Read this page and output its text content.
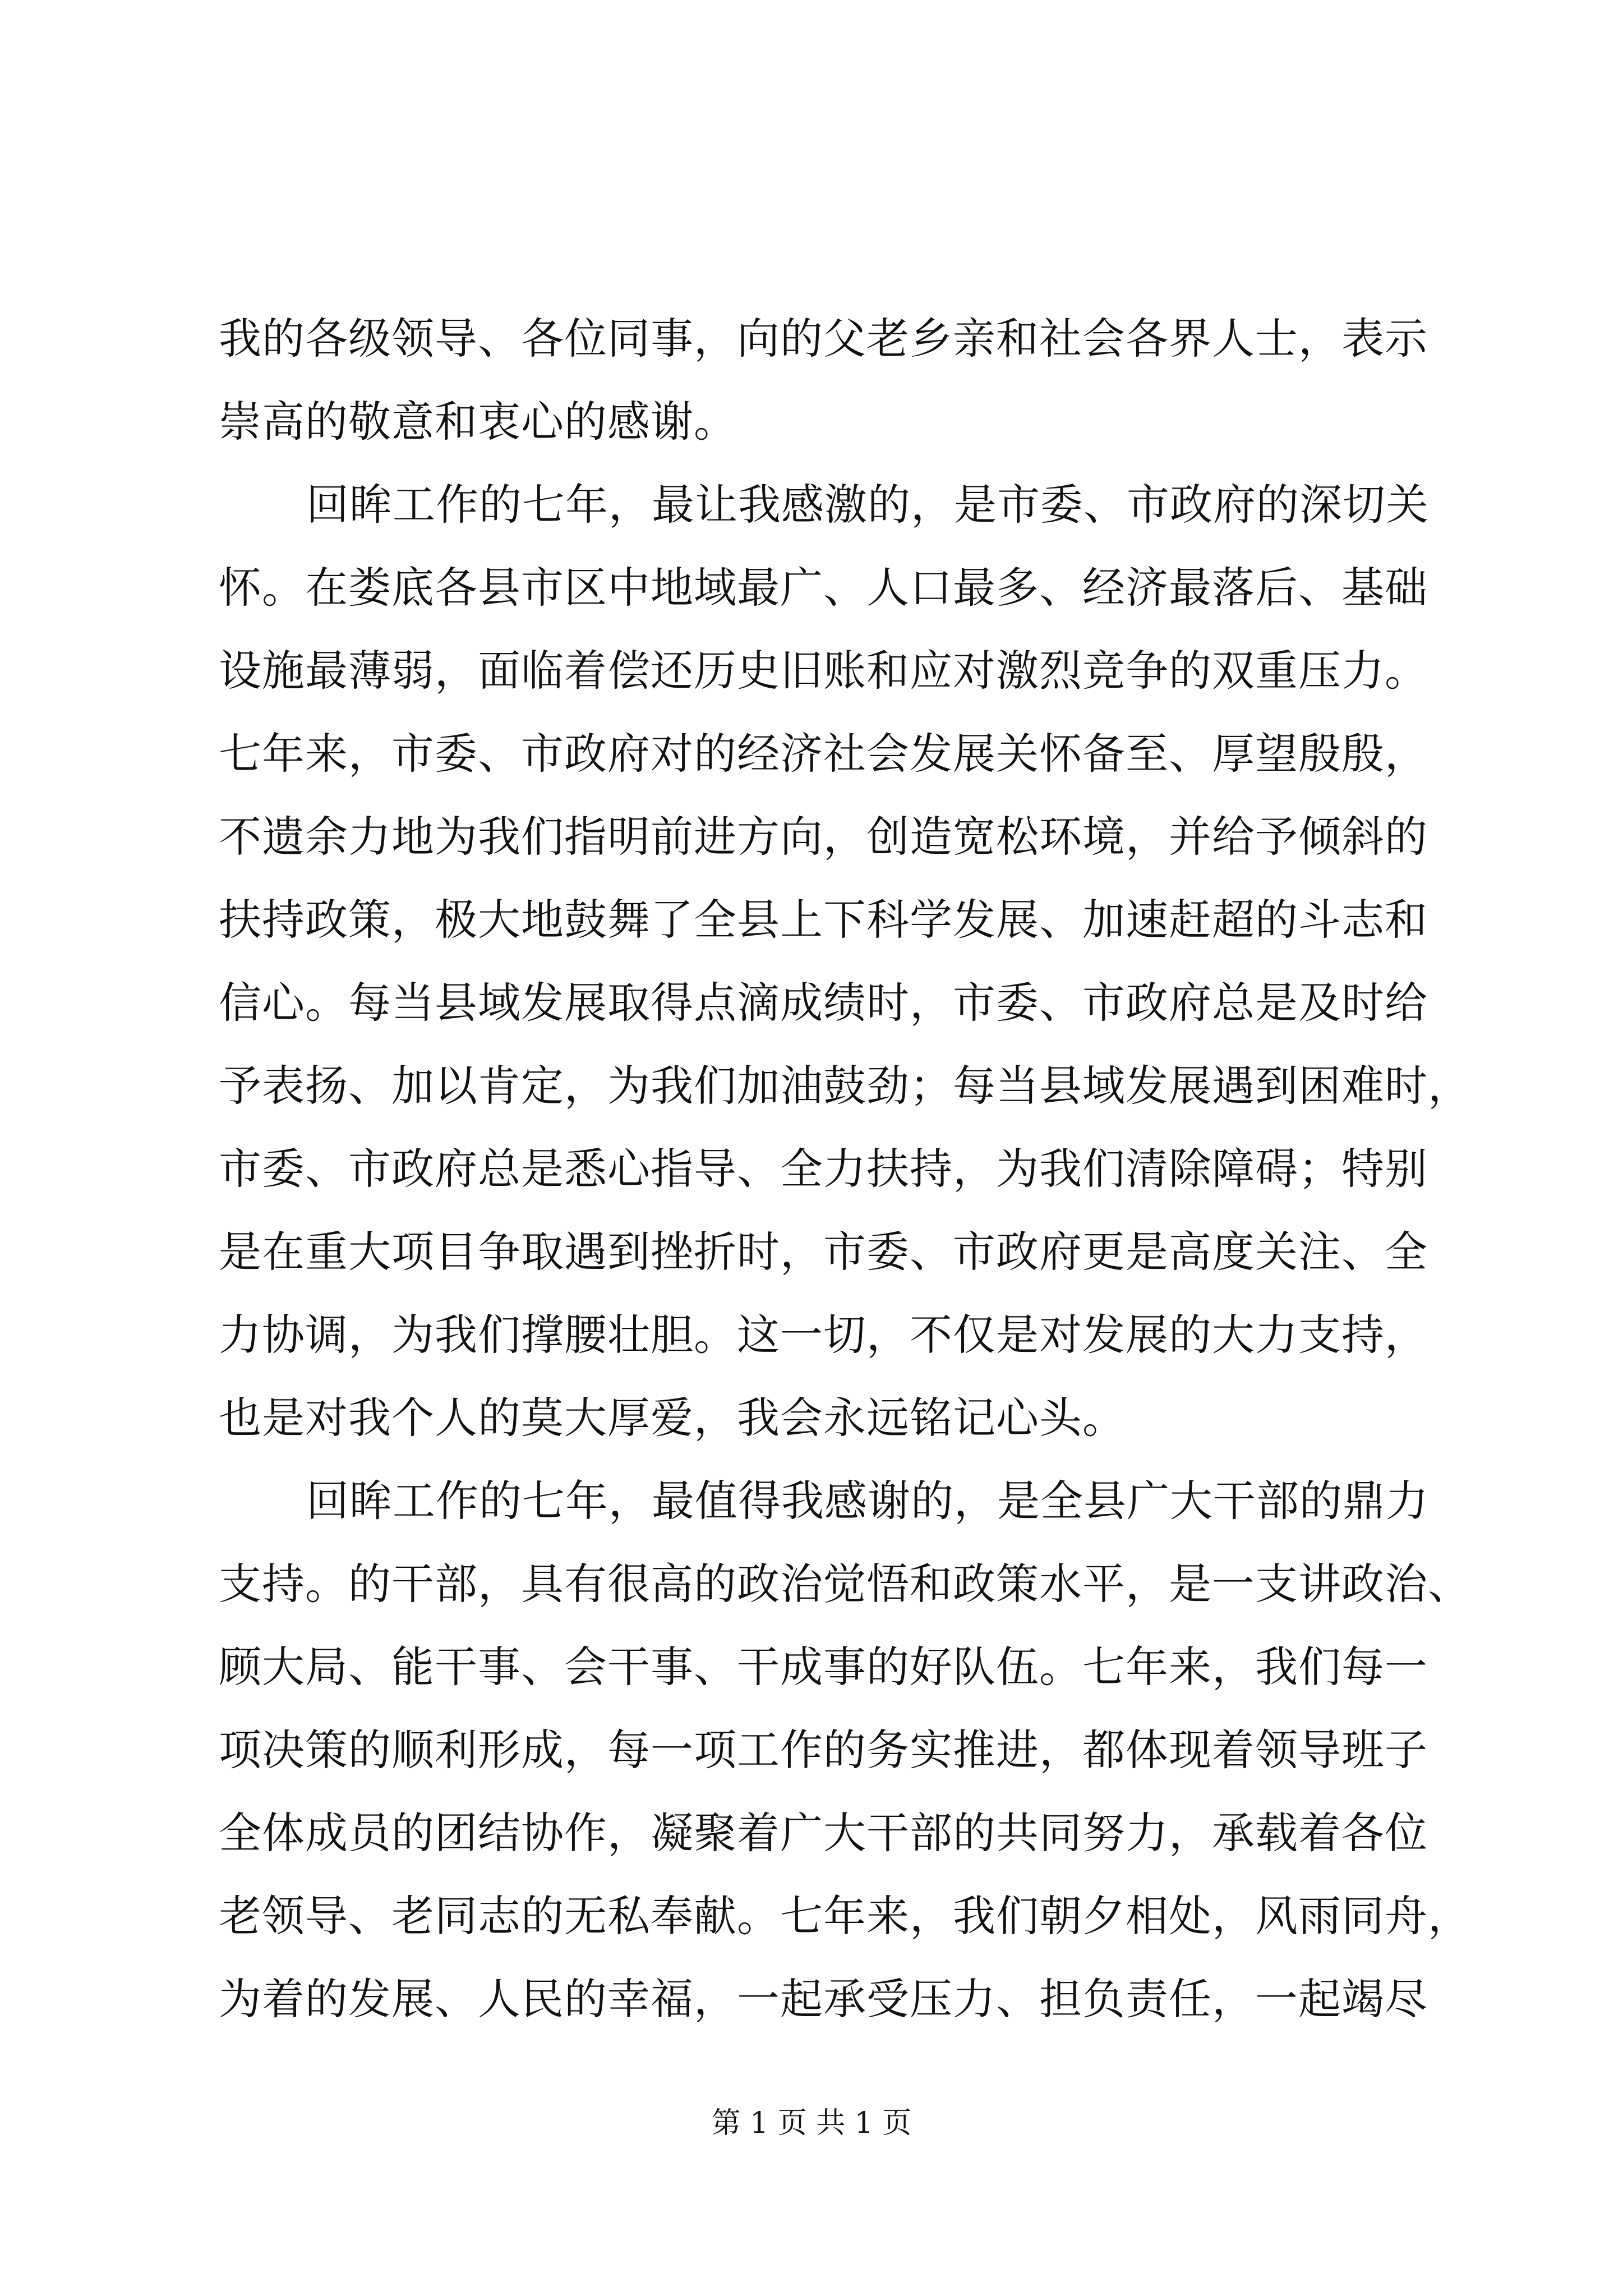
我的各级领导、各位同事，向的父老乡亲和社会各界人士，表示
崇高的敬意和衷心的感谢。
回眸工作的七年，最让我感激的，是市委、市政府的深切关
怀。在娄底各县市区中地域最广、人口最多、经济最落后、基础
设施最薄弱，面临着偿还历史旧账和应对激烈竞争的双重压力。
七年来，市委、市政府对的经济社会发展关怀备至、厚望殷殷，
不遗余力地为我们指明前进方向，创造宽松环境，并给予倾斜的
扶持政策，极大地鼓舞了全县上下科学发展、加速赶超的斗志和
信心。每当县域发展取得点滴成绩时，市委、市政府总是及时给
予表扬、加以肯定，为我们加油鼓劲；每当县域发展遇到困难时，
市委、市政府总是悉心指导、全力扶持，为我们清除障碍；特别
是在重大项目争取遇到挫折时，市委、市政府更是高度关注、全
力协调，为我们撑腰壮胆。这一切，不仅是对发展的大力支持，
也是对我个人的莫大厚爱，我会永远铭记心头。
回眸工作的七年，最值得我感谢的，是全县广大干部的鼎力
支持。的干部，具有很高的政治觉悟和政策水平，是一支讲政治、
顾大局、能干事、会干事、干成事的好队伍。七年来，我们每一
项决策的顺利形成，每一项工作的务实推进，都体现着领导班子
全体成员的团结协作，凝聚着广大干部的共同努力，承载着各位
老领导、老同志的无私奉献。七年来，我们朝夕相处，风雨同舟，
为着的发展、人民的幸福，一起承受压力、担负责任，一起竭尽
第 1 页 共 1 页
